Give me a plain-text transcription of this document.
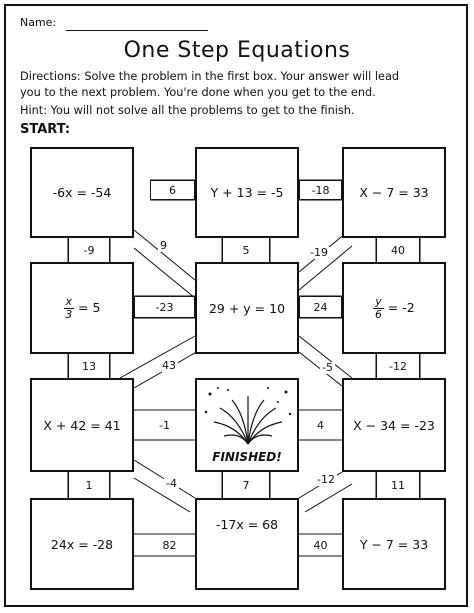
Name:
One Step Equations
Directions: Solve the problem in the first box. Your answer will lead
you to the next problem. You're done when you get to the end.
Hint: You will not solve all the problems to get to the finish.
START:
-6x = -54	Y + 13 = -5	X − 7 = 33
$\frac{x}{3} = 5$	29 + y = 10	$\frac{y}{6} = -2$
X + 42 = 41
FINISHED!
X − 34 = -23
24x = -28
-17x = 68
Y − 7 = 33
6	-18
-23	24
-1	4
82	40
-9	5	40
13	-12
1	7	11
9
-19
43	-5
-4	-12
